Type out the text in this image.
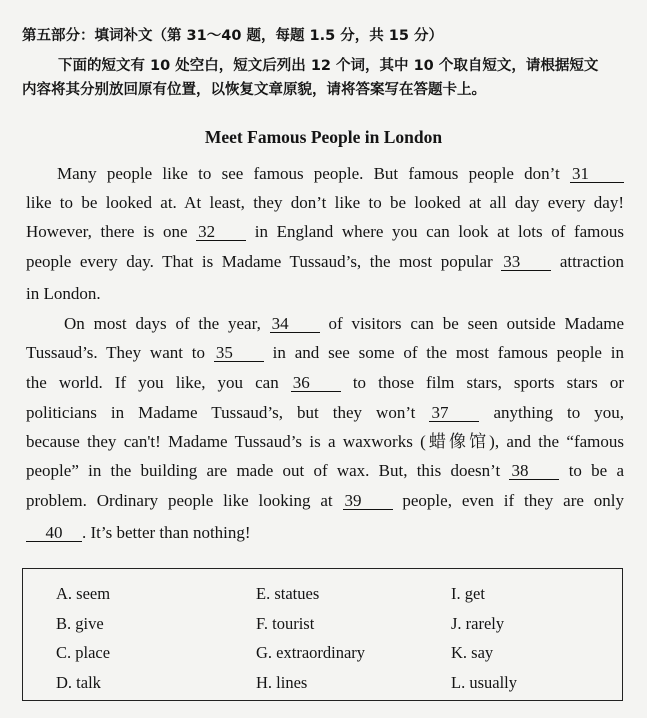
第五部分：填词补文（第 31～40 题，每题 1.5 分，共 15 分）
下面的短文有 10 处空白，短文后列出 12 个词，其中 10 个取自短文，请根据短文
内容将其分别放回原有位置，以恢复文章原貌，请将答案写在答题卡上。
Meet Famous People in London
Many people like to see famous people. But famous people don’t 31
like to be looked at. At least, they don’t like to be looked at all day every day!
However, there is one 32 in England where you can look at lots of famous
people every day. That is Madame Tussaud’s, the most popular 33 attraction
in London.
On most days of the year, 34 of visitors can be seen outside Madame
Tussaud’s. They want to 35 in and see some of the most famous people in
the world. If you like, you can 36	to those film stars, sports stars or
politicians in Madame Tussaud’s, but they won’t 37	anything to you,
because they can't! Madame Tussaud’s is a waxworks (蜡像馆), and the “famous
people” in the building are made out of wax. But, this doesn’t 38 to be a
problem. Ordinary people like looking at 39 people, even if they are only
40 . It’s better than nothing!
A. seem
B. give
C. place
D. talk
E. statues
F. tourist
G. extraordinary
H. lines
I. get
J. rarely
K. say
L. usually
